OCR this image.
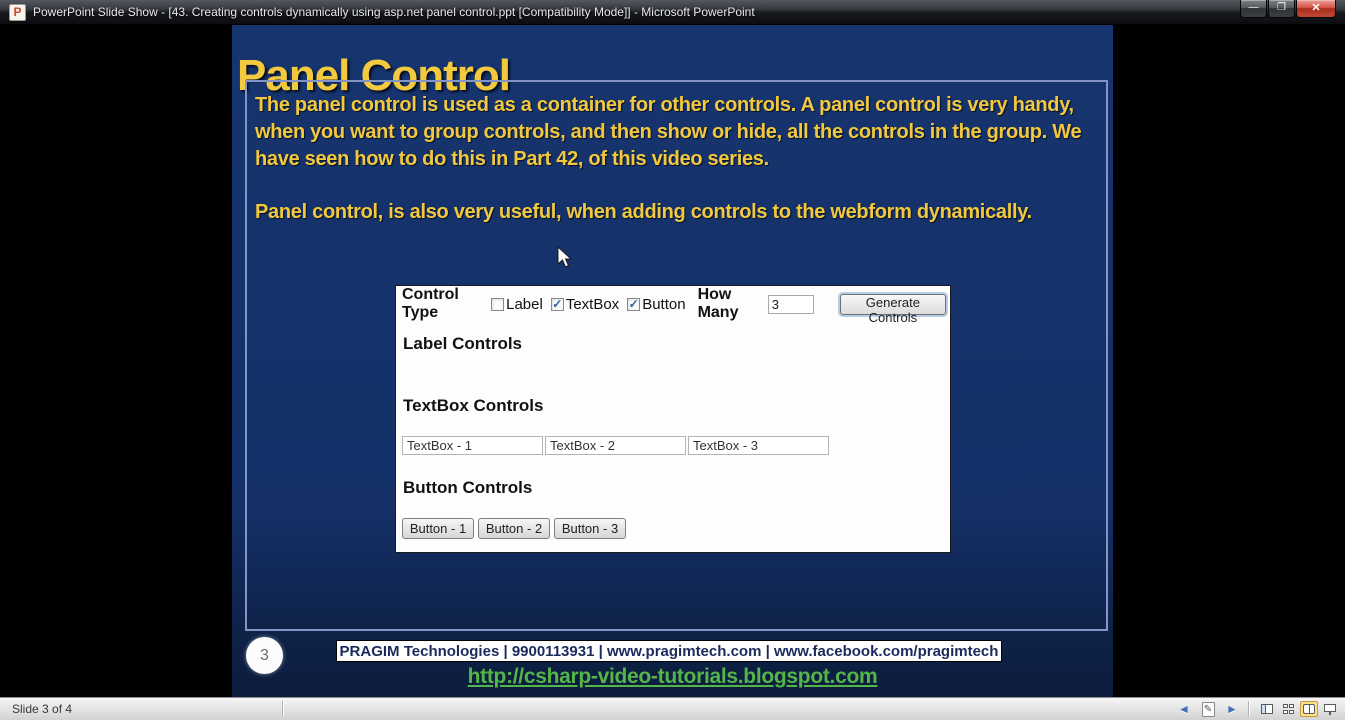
P PowerPoint Slide Show - [43. Creating controls dynamically using asp.net panel control.ppt [Compatibility Mode]] - Microsoft PowerPoint	—	❐	✕
Panel Control
The panel control is used as a container for other controls. A panel control is very handy, when you want to group controls, and then show or hide, all the controls in the group. We have seen how to do this in Part 42, of this video series.
Panel control, is also very useful, when adding controls to the webform dynamically.
Control Type	Label ✓ TextBox ✓ Button
How Many
3
Generate Controls
Label Controls
TextBox Controls
TextBox - 1
TextBox - 2
TextBox - 3
Button Controls
Button - 1	Button - 2	Button - 3
3	PRAGIM Technologies | 9900113931 | www.pragimtech.com | www.facebook.com/pragimtech
http://csharp-video-tutorials.blogspot.com
Slide 3 of 4	◄	✎	►
